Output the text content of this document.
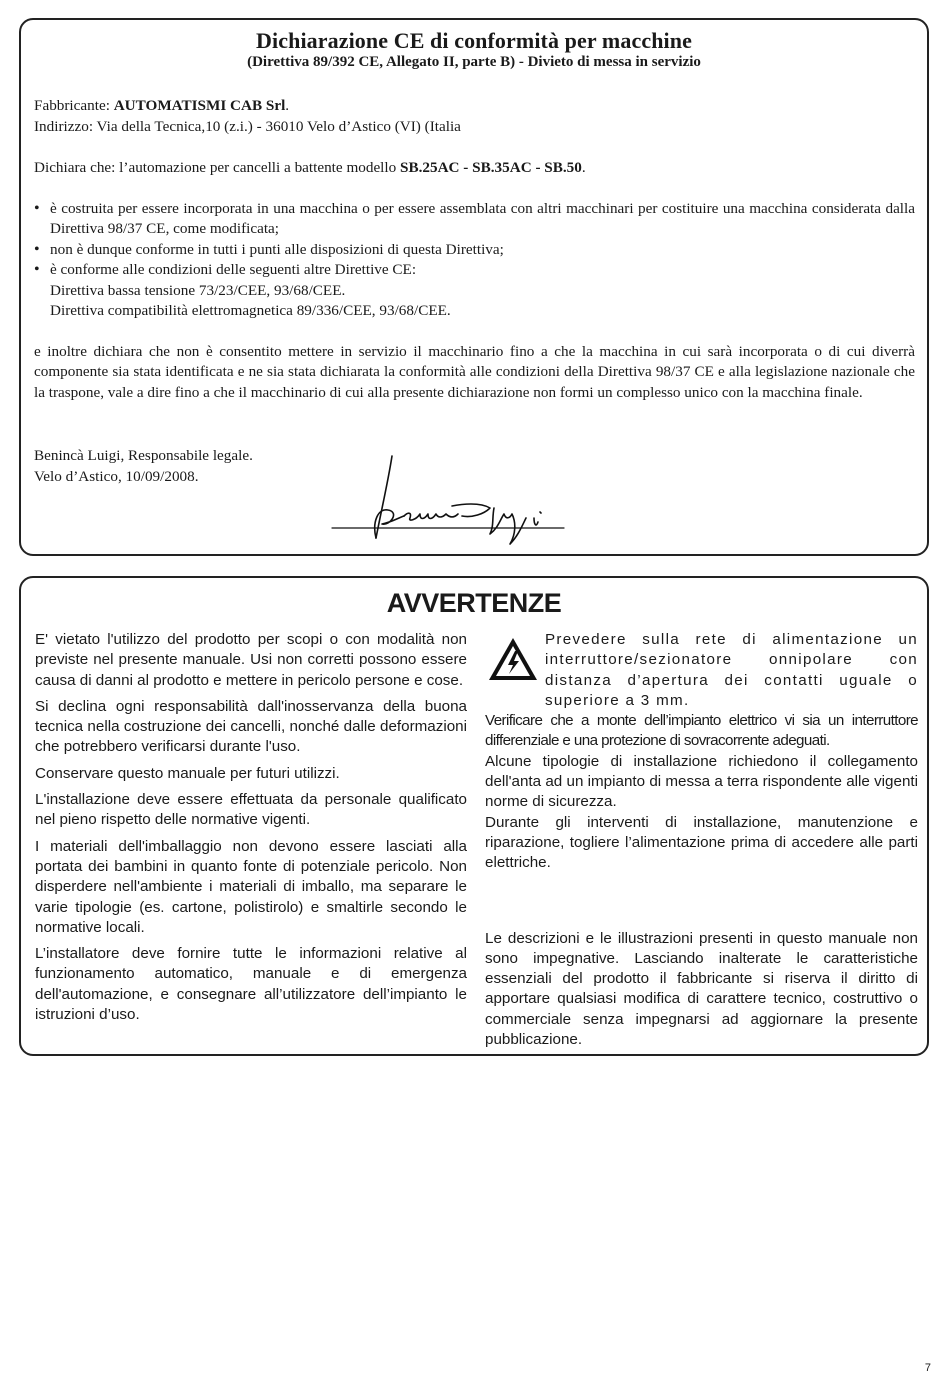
Dichiarazione CE di conformità per macchine
(Direttiva 89/392 CE, Allegato II, parte B) - Divieto di messa in servizio
Fabbricante: AUTOMATISMI CAB Srl.
Indirizzo: Via della Tecnica,10 (z.i.) - 36010 Velo d’Astico (VI) (Italia
Dichiara che: l’automazione per cancelli a battente modello SB.25AC - SB.35AC - SB.50.
• è costruita per essere incorporata in una macchina o per essere assemblata con altri macchinari per costituire una macchina considerata dalla Direttiva 98/37 CE, come modificata;
• non è dunque conforme in tutti i punti alle disposizioni di questa Direttiva;
• è conforme alle condizioni delle seguenti altre Direttive CE:
Direttiva bassa tensione 73/23/CEE, 93/68/CEE.
Direttiva compatibilità elettromagnetica 89/336/CEE, 93/68/CEE.
e inoltre dichiara che non è consentito mettere in servizio il macchinario fino a che la macchina in cui sarà incorporata o di cui diverrà componente sia stata identificata e ne sia stata dichiarata la conformità alle condizioni della Direttiva 98/37 CE e alla legislazione nazionale che la traspone, vale a dire fino a che il macchinario di cui alla presente dichiarazione non formi un complesso unico con la macchina finale.
Benincà Luigi, Responsabile legale.
Velo d’Astico, 10/09/2008.
AVVERTENZE

E' vietato l'utilizzo del prodotto per scopi o con modalità non previste nel presente manuale. Usi non corretti possono essere causa di danni al prodotto e mettere in pericolo persone e cose.

Si declina ogni responsabilità dall'inosservanza della buona tecnica nella costruzione dei cancelli, nonché dalle deformazioni che potrebbero verificarsi durante l'uso.

Conservare questo manuale per futuri utilizzi.

L'installazione deve essere effettuata da personale qualificato nel pieno rispetto delle normative vigenti.

I materiali dell'imballaggio non devono essere lasciati alla portata dei bambini in quanto fonte di potenziale pericolo. Non disperdere nell'ambiente i materiali di imballo, ma separare le varie tipologie (es. cartone, polistirolo) e smaltirle secondo le normative locali.

L’installatore deve fornire tutte le informazioni relative al funzionamento automatico, manuale e di emergenza dell'automazione, e consegnare all’utilizzatore dell’impianto le istruzioni d’uso.

Prevedere sulla rete di alimentazione un interruttore/sezionatore onnipolare con distanza d’apertura dei contatti uguale o superiore a 3 mm.
Verificare che a monte dell’impianto elettrico vi sia un interruttore differenziale e una protezione di sovracorrente adeguati.
Alcune tipologie di installazione richiedono il collegamento dell'anta ad un impianto di messa a terra rispondente alle vigenti norme di sicurezza.
Durante gli interventi di installazione, manutenzione e riparazione, togliere l’alimentazione prima di accedere alle parti elettriche.
Le descrizioni e le illustrazioni presenti in questo manuale non sono impegnative. Lasciando inalterate le caratteristiche essenziali del prodotto il fabbricante si riserva il diritto di apportare qualsiasi modifica di carattere tecnico, costruttivo o commerciale senza impegnarsi ad aggiornare la presente pubblicazione.
7
